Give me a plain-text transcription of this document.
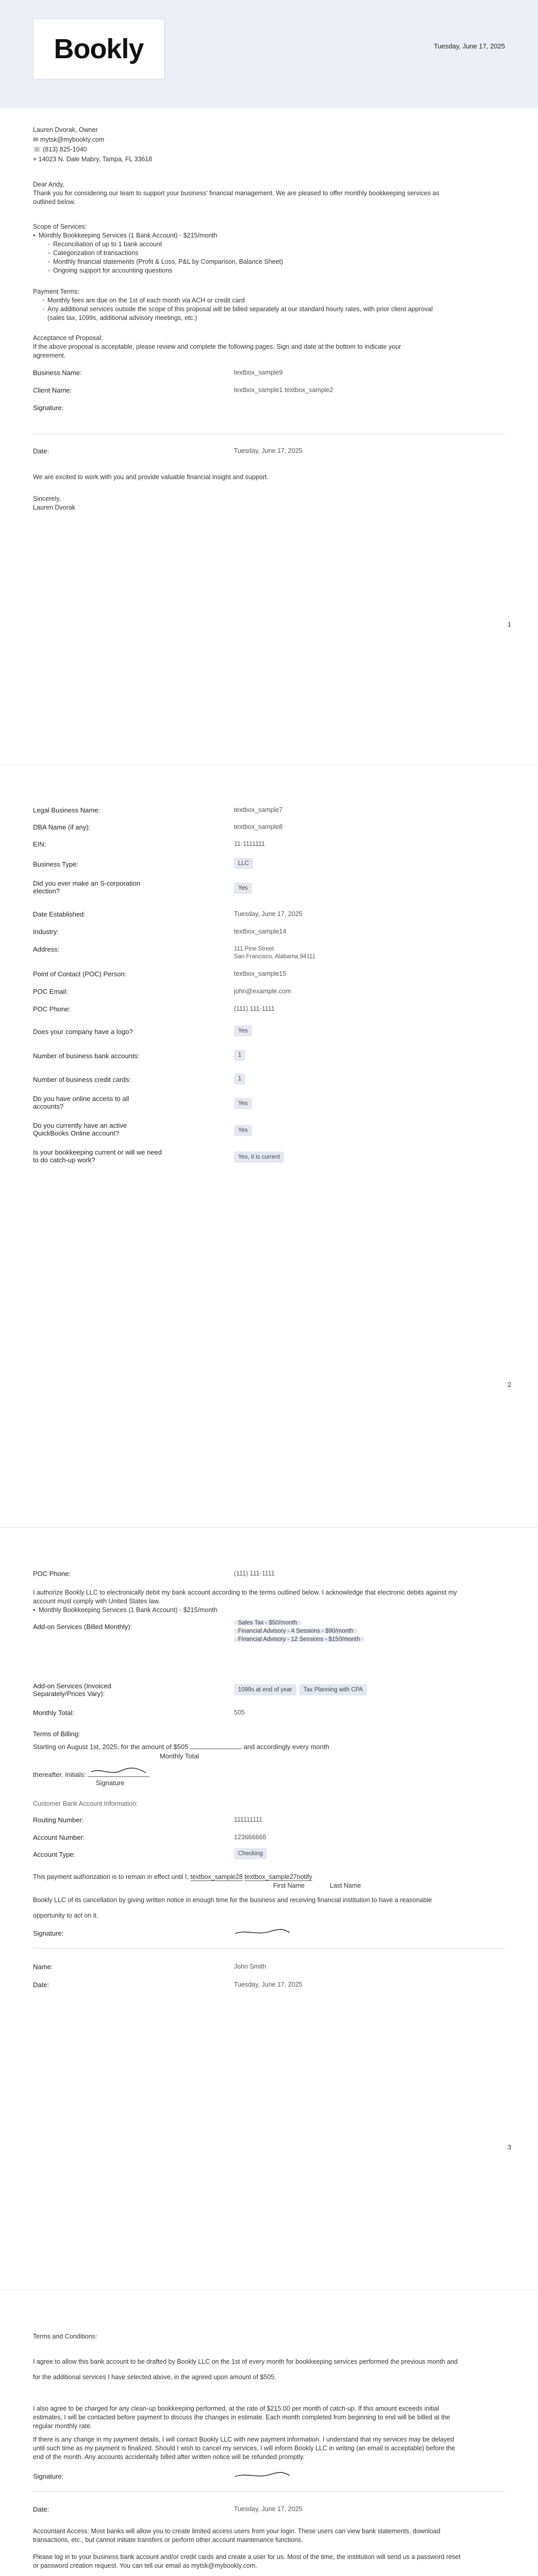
Bookly	Tuesday, June 17, 2025
Lauren Dvorak, Owner
✉ mytsk@mybookly.com
☏ (813) 825-1040
⌖ 14023 N. Dale Mabry, Tampa, FL 33618
Dear Andy,
Thank you for considering our team to support your business' financial management. We are pleased to offer monthly bookkeeping services as outlined below.
Scope of Services:
• Monthly Bookkeeping Services (1 Bank Account) - $215/month
◦ Reconciliation of up to 1 bank account
◦ Categorization of transactions
◦ Monthly financial statements (Profit & Loss, P&L by Comparison, Balance Sheet)
◦ Ongoing support for accounting questions
Payment Terms:
◦ Monthly fees are due on the 1st of each month via ACH or credit card
◦ Any additional services outside the scope of this proposal will be billed separately at our standard hourly rates, with prior client approval (sales tax, 1099s, additional advisory meetings, etc.)
Acceptance of Proposal:
If the above proposal is acceptable, please review and complete the following pages. Sign and date at the bottom to indicate your agreement.
Business Name:	textbox_sample9
Client Name:	textbox_sample1 textbox_sample2
Signature:
Date:	Tuesday, June 17, 2025
We are excited to work with you and provide valuable financial insight and support.
Sincerely,
Lauren Dvorak
1
Legal Business Name:	textbox_sample7
DBA Name (if any):	textbox_sample8
EIN:	11-1111111
Business Type:	LLC
Did you ever make an S-corporation election?	Yes
Date Established:	Tuesday, June 17, 2025
Industry:	textbox_sample14
Address:	111 Pine Street
San Francisco, Alabama 94111
Point of Contact (POC) Person:	textbox_sample15
POC Email:	john@example.com
POC Phone:	(111) 111-1111
Does your company have a logo?	Yes
Number of business bank accounts:	1
Number of business credit cards:	1
Do you have online access to all accounts?	Yes
Do you currently have an active QuickBooks Online account?	Yes
Is your bookkeeping current or will we need to do catch-up work?	Yes, it is current
2
POC Phone:	(111) 111-1111
I authorize Bookly LLC to electronically debit my bank account according to the terms outlined below. I acknowledge that electronic debits against my account must comply with United States law.
• Monthly Bookkeeping Services (1 Bank Account) - $215/month
Add-on Services (Billed Monthly):	Sales Tax - $50/month

Financial Advisory - 4 Sessions - $90/month

Financial Advisory - 12 Sessions - $150/month
Add-on Services (Invoiced Separately/Prices Vary):	1099s at end of year Tax Planning with CPA
Monthly Total:	505
Terms of Billing:
Starting on August 1st, 2025, for the amount of $505	and accordingly every month
Monthly Total
thereafter. Initials:
Signature
Customer Bank Account Information:
Routing Number:	111111111
Account Number:	123666666
Account Type:	Checking
This payment authorization is to remain in effect until I, textbox_sample28 textbox_sample27notify
First Name	Last Name
Bookly LLC of its cancellation by giving written notice in enough time for the business and receiving financial institution to have a reasonable opportunity to act on it.
Signature:
Name:	John Smith
Date:	Tuesday, June 17, 2025
3
Terms and Conditions:
I agree to allow this bank account to be drafted by Bookly LLC on the 1st of every month for bookkeeping services performed the previous month and for the additional services I have selected above, in the agreed upon amount of $505.
I also agree to be charged for any clean-up bookkeeping performed, at the rate of $215.00 per month of catch-up. If this amount exceeds initial estimates, I will be contacted before payment to discuss the changes in estimate. Each month completed from beginning to end will be billed at the regular monthly rate.
If there is any change in my payment details, I will contact Bookly LLC with new payment information. I understand that my services may be delayed until such time as my payment is finalized. Should I wish to cancel my services, I will inform Bookly LLC in writing (an email is acceptable) before the end of the month. Any accounts accidentally billed after written notice will be refunded promptly.
Signature:
Date:	Tuesday, June 17, 2025
Accountant Access: Most banks will allow you to create limited access users from your login. These users can view bank statements, download transactions, etc., but cannot initiate transfers or perform other account maintenance functions.
Please log in to your business bank account and/or credit cards and create a user for us. Most of the time, the institution will send us a password reset or password creation request. You can tell our email as mytsk@mybookly.com.
